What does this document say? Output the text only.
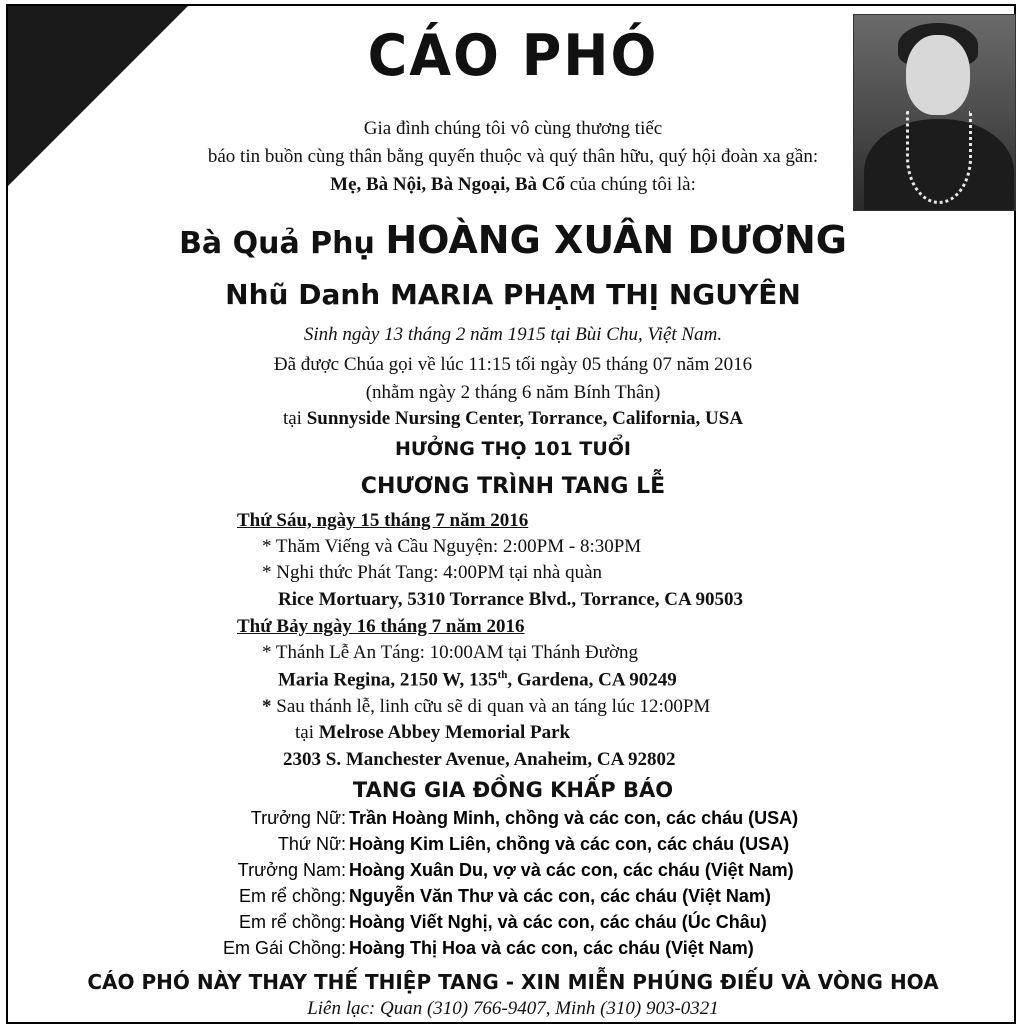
CÁO PHÓ
Gia đình chúng tôi vô cùng thương tiếc
báo tin buồn cùng thân bằng quyến thuộc và quý thân hữu, quý hội đoàn xa gần:
Mẹ, Bà Nội, Bà Ngoại, Bà Cố của chúng tôi là:
Bà Quả Phụ HOÀNG XUÂN DƯƠNG
Nhũ Danh MARIA PHẠM THỊ NGUYÊN
Sinh ngày 13 tháng 2 năm 1915 tại Bùi Chu, Việt Nam.
Đã được Chúa gọi về lúc 11:15 tối ngày 05 tháng 07 năm 2016
(nhằm ngày 2 tháng 6 năm Bính Thân)
tại Sunnyside Nursing Center, Torrance, California, USA
HƯỞNG THỌ 101 TUỔI
CHƯƠNG TRÌNH TANG LỄ
Thứ Sáu, ngày 15 tháng 7 năm 2016
* Thăm Viếng và Cầu Nguyện: 2:00PM - 8:30PM
* Nghi thức Phát Tang: 4:00PM tại nhà quàn
Rice Mortuary, 5310 Torrance Blvd., Torrance, CA 90503
Thứ Bảy ngày 16 tháng 7 năm 2016
* Thánh Lễ An Táng: 10:00AM tại Thánh Đường
Maria Regina, 2150 W, 135th, Gardena, CA 90249
* Sau thánh lễ, linh cữu sẽ di quan và an táng lúc 12:00PM
tại Melrose Abbey Memorial Park
2303 S. Manchester Avenue, Anaheim, CA 92802
TANG GIA ĐỒNG KHẤP BÁO
Trưởng Nữ: Trần Hoàng Minh, chồng và các con, các cháu (USA)
Thứ Nữ: Hoàng Kim Liên, chồng và các con, các cháu (USA)
Trưởng Nam: Hoàng Xuân Du, vợ và các con, các cháu (Việt Nam)
Em rể chồng: Nguyễn Văn Thư và các con, các cháu (Việt Nam)
Em rể chồng: Hoàng Viết Nghị, và các con, các cháu (Úc Châu)
Em Gái Chồng: Hoàng Thị Hoa và các con, các cháu (Việt Nam)
CÁO PHÓ NÀY THAY THẾ THIỆP TANG - XIN MIỄN PHÚNG ĐIẾU VÀ VÒNG HOA
Liên lạc: Quan (310) 766-9407, Minh (310) 903-0321
